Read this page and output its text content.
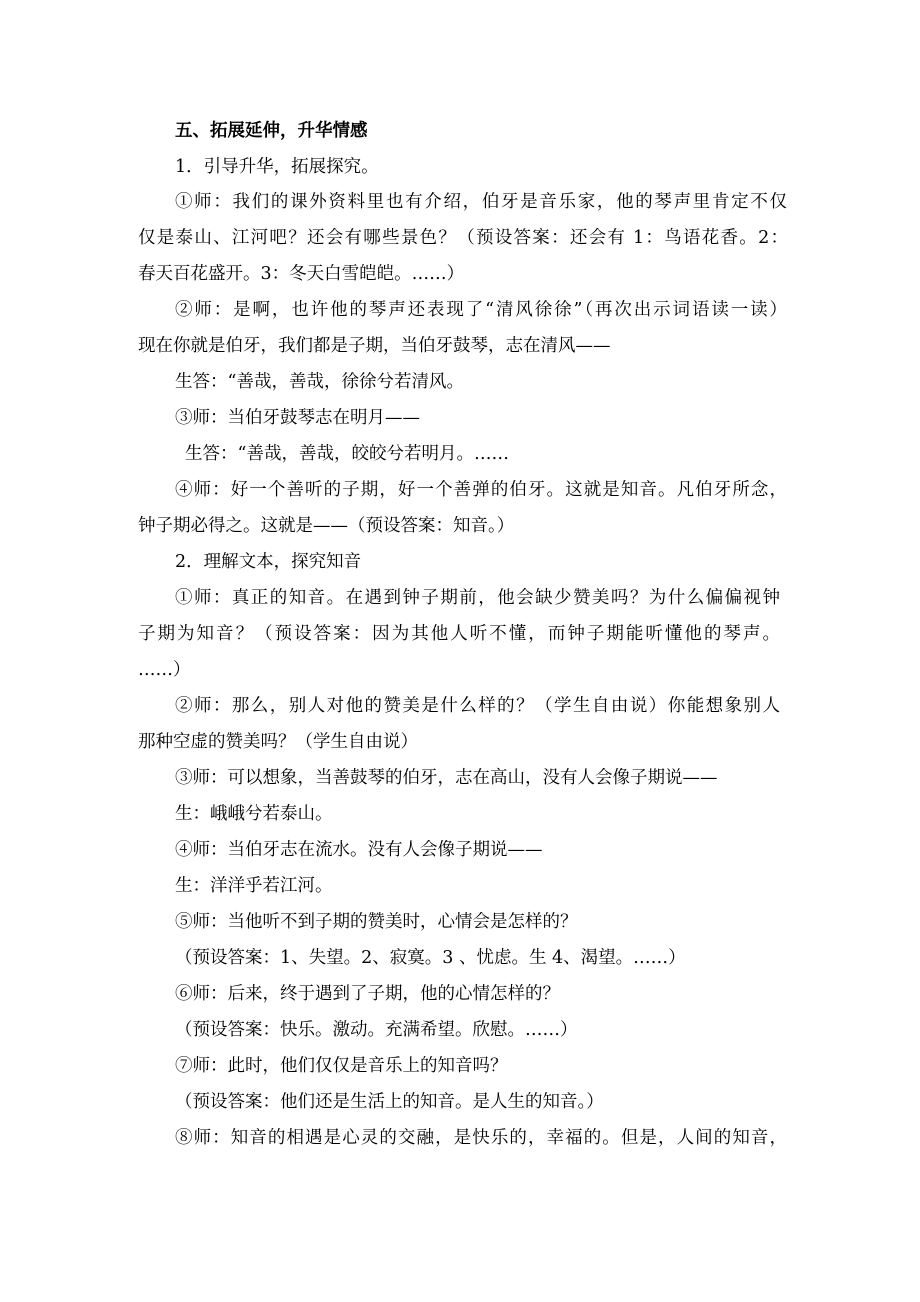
五、拓展延伸，升华情感
1．引导升华，拓展探究。
①师：我们的课外资料里也有介绍，伯牙是音乐家，他的琴声里肯定不仅
仅是泰山、江河吧？还会有哪些景色？（预设答案：还会有 1：鸟语花香。2：
春天百花盛开。3：冬天白雪皑皑。……）
②师：是啊，也许他的琴声还表现了“清风徐徐”（再次出示词语读一读）
现在你就是伯牙，我们都是子期，当伯牙鼓琴，志在清风——
生答：“善哉，善哉，徐徐兮若清风。
③师：当伯牙鼓琴志在明月——
生答：“善哉，善哉，皎皎兮若明月。……
④师：好一个善听的子期，好一个善弹的伯牙。这就是知音。凡伯牙所念，
钟子期必得之。这就是——（预设答案：知音。）
2．理解文本，探究知音
①师：真正的知音。在遇到钟子期前，他会缺少赞美吗？为什么偏偏视钟
子期为知音？（预设答案：因为其他人听不懂，而钟子期能听懂他的琴声。
……）
②师：那么，别人对他的赞美是什么样的？（学生自由说）你能想象别人
那种空虚的赞美吗？（学生自由说）
③师：可以想象，当善鼓琴的伯牙，志在高山，没有人会像子期说——
生：峨峨兮若泰山。
④师：当伯牙志在流水。没有人会像子期说——
生：洋洋乎若江河。
⑤师：当他听不到子期的赞美时，心情会是怎样的？
（预设答案：1、失望。2、寂寞。3 、忧虑。生 4、渴望。……）
⑥师：后来，终于遇到了子期，他的心情怎样的？
（预设答案：快乐。激动。充满希望。欣慰。……）
⑦师：此时，他们仅仅是音乐上的知音吗？
（预设答案：他们还是生活上的知音。是人生的知音。）
⑧师：知音的相遇是心灵的交融，是快乐的，幸福的。但是，人间的知音，
